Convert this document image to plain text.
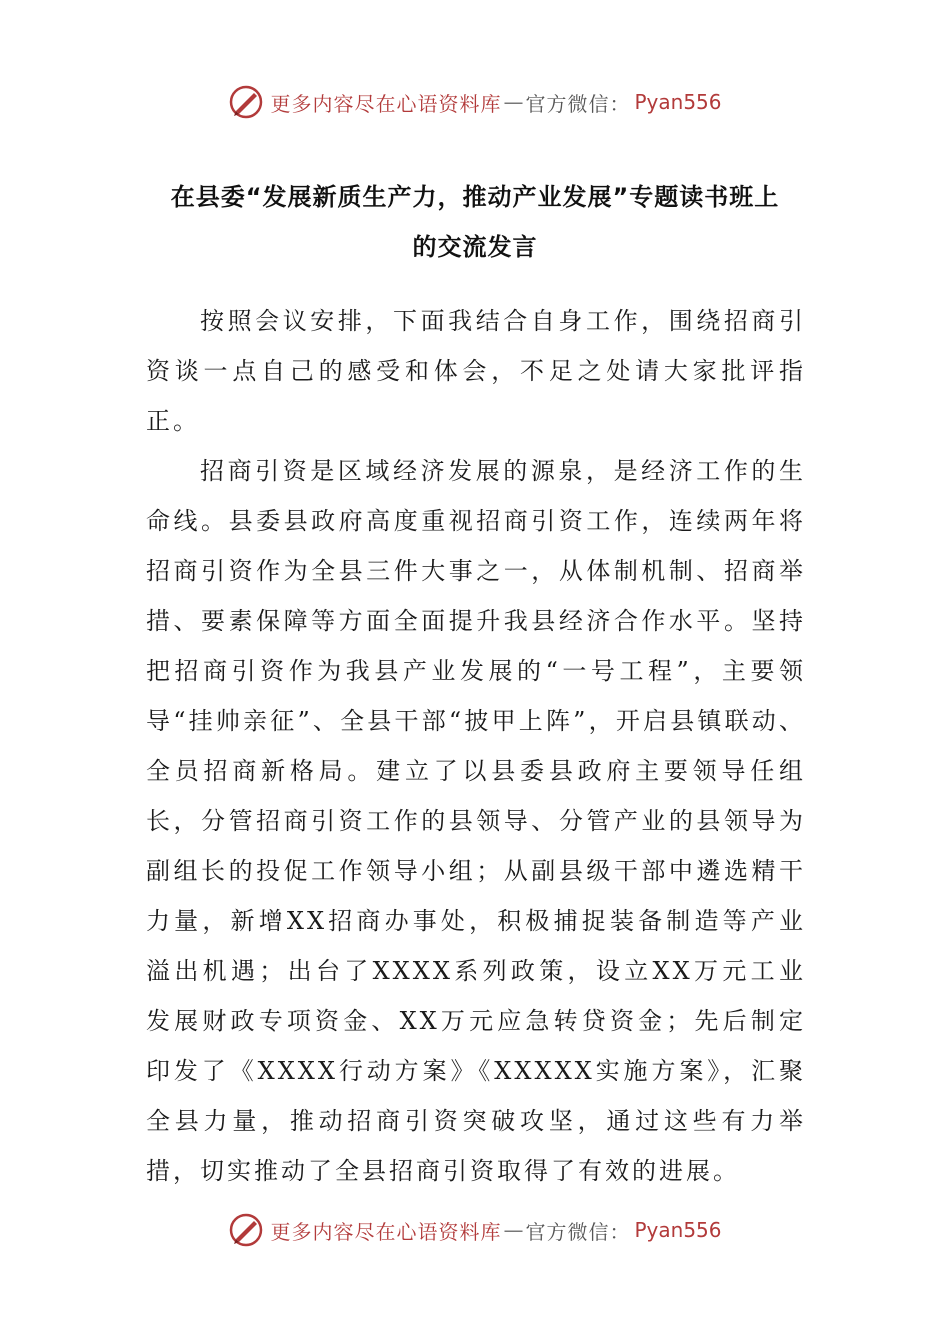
更多内容尽在心语资料库 — 官方微信： Pyan556
在县委“发展新质生产力，推动产业发展”专题读书班上
的交流发言

按照会议安排，下面我结合自身工作，围绕招商引资谈一点自己的感受和体会，不足之处请大家批评指正。

招商引资是区域经济发展的源泉，是经济工作的生命线。县委县政府高度重视招商引资工作，连续两年将招商引资作为全县三件大事之一，从体制机制、招商举措、要素保障等方面全面提升我县经济合作水平。坚持把招商引资作为我县产业发展的“一号工程”，主要领导“挂帅亲征”、全县干部“披甲上阵”，开启县镇联动、全员招商新格局。建立了以县委县政府主要领导任组长，分管招商引资工作的县领导、分管产业的县领导为副组长的投促工作领导小组；从副县级干部中遴选精干力量，新增XX招商办事处，积极捕捉装备制造等产业溢出机遇；出台了XXXX系列政策，设立XX万元工业发展财政专项资金、XX万元应急转贷资金；先后制定印发了《XXXX行动方案》《XXXXX实施方案》，汇聚全县力量，推动招商引资突破攻坚，通过这些有力举措，切实推动了全县招商引资取得了有效的进展。

更多内容尽在心语资料库 — 官方微信： Pyan556
